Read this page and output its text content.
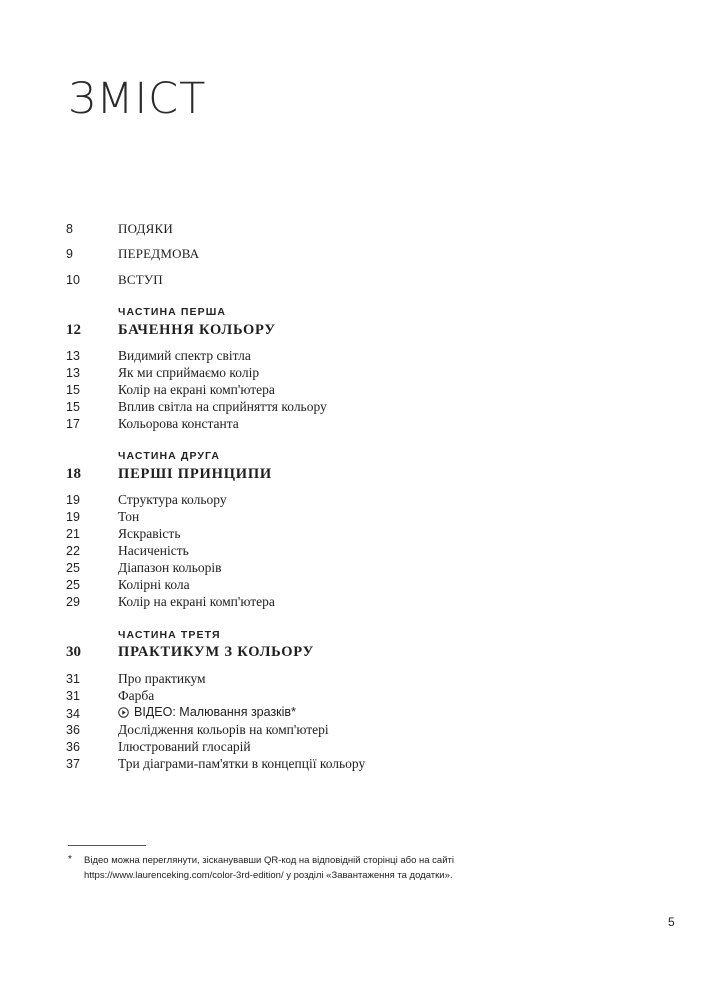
ЗМІСТ
8	ПОДЯКИ
9	ПЕРЕДМОВА
10	ВСТУП
ЧАСТИНА ПЕРША
12	БАЧЕННЯ КОЛЬОРУ
13	Видимий спектр світла
13	Як ми сприймаємо колір
15	Колір на екрані комп'ютера
15	Вплив світла на сприйняття кольору
17	Кольорова константа
ЧАСТИНА ДРУГА
18	ПЕРШІ ПРИНЦИПИ
19	Структура кольору
19	Тон
21	Яскравість
22	Насиченість
25	Діапазон кольорів
25	Колірні кола
29	Колір на екрані комп'ютера
ЧАСТИНА ТРЕТЯ
30	ПРАКТИКУМ З КОЛЬОРУ
31	Про практикум
31	Фарба
34	ВІДЕО: Малювання зразків*
36	Дослідження кольорів на комп'ютері
36	Ілюстрований глосарій
37	Три діаграми-пам'ятки в концепції кольору
*	Відео можна переглянути, зісканувавши QR-код на відповідній сторінці або на сайті
https://www.laurenceking.com/color-3rd-edition/ у розділі «Завантаження та додатки».
5
